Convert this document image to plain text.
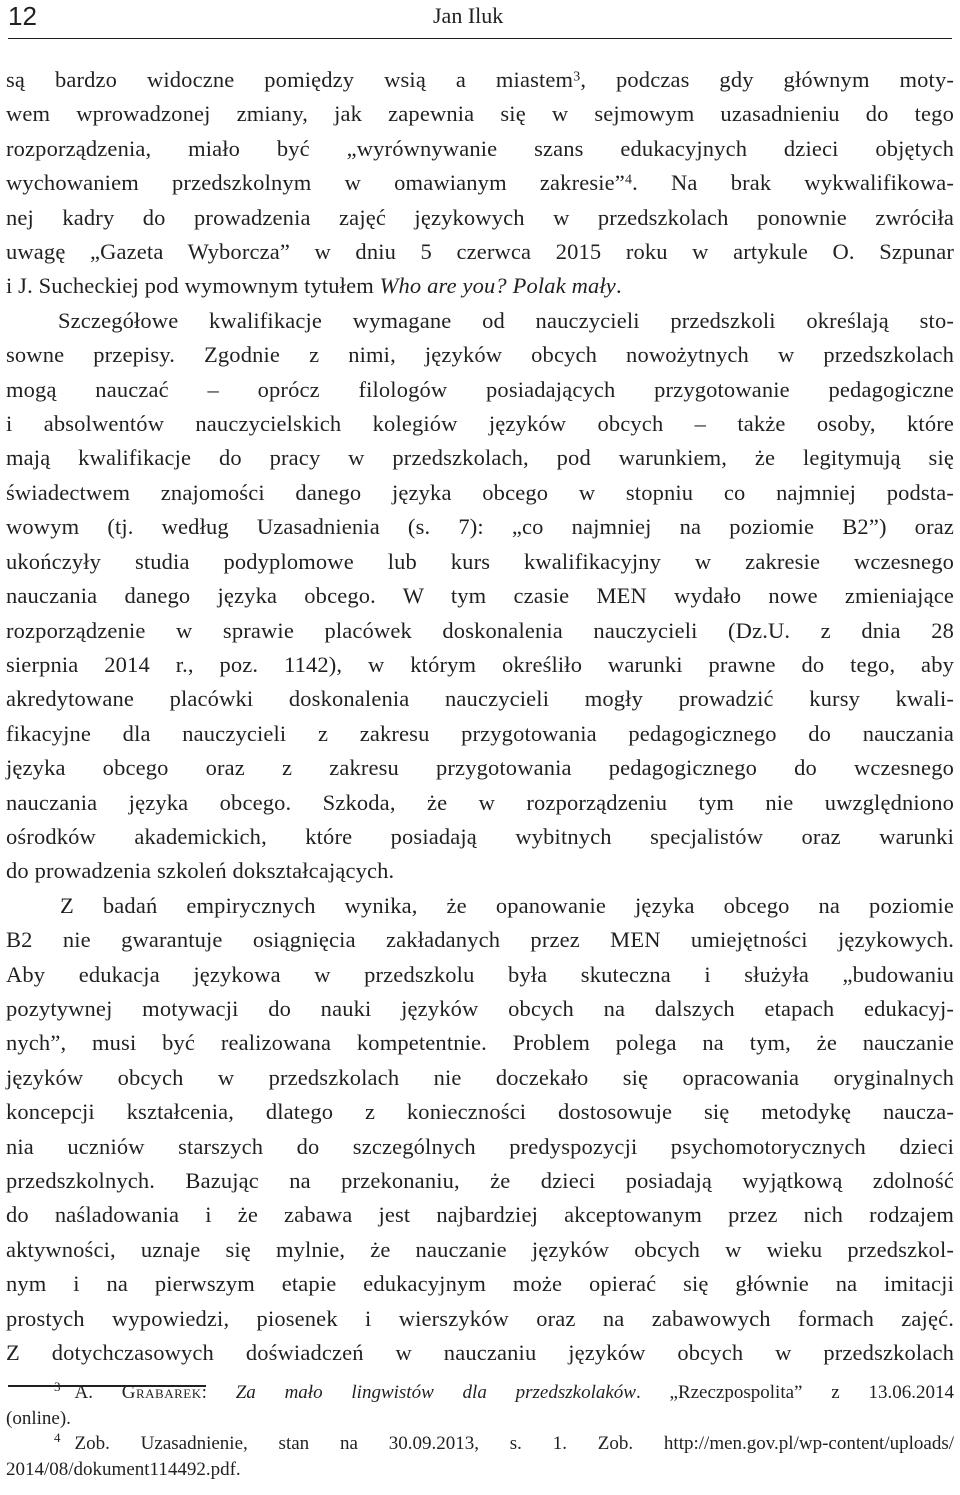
12	Jan Iluk
są bardzo widoczne pomiędzy wsią a miastem$^3$, podczas gdy głównym moty-
wem wprowadzonej zmiany, jak zapewnia się w sejmowym uzasadnieniu do tego
rozporządzenia, miało być „wyrównywanie szans edukacyjnych dzieci objętych
wychowaniem przedszkolnym w omawianym zakresie”$^4$. Na brak wykwalifikowa-
nej kadry do prowadzenia zajęć językowych w przedszkolach ponownie zwróciła
uwagę „Gazeta Wyborcza” w dniu 5 czerwca 2015 roku w artykule O. Szpunar
i J. Sucheckiej pod wymownym tytułem Who are you? Polak mały.
Szczegółowe kwalifikacje wymagane od nauczycieli przedszkoli określają sto-
sowne przepisy. Zgodnie z nimi, języków obcych nowożytnych w przedszkolach
mogą nauczać – oprócz filologów posiadających przygotowanie pedagogiczne
i absolwentów nauczycielskich kolegiów języków obcych – także osoby, które
mają kwalifikacje do pracy w przedszkolach, pod warunkiem, że legitymują się
świadectwem znajomości danego języka obcego w stopniu co najmniej podsta-
wowym (tj. według Uzasadnienia (s. 7): „co najmniej na poziomie B2”) oraz
ukończyły studia podyplomowe lub kurs kwalifikacyjny w zakresie wczesnego
nauczania danego języka obcego. W tym czasie MEN wydało nowe zmieniające
rozporządzenie w sprawie placówek doskonalenia nauczycieli (Dz.U. z dnia 28
sierpnia 2014 r., poz. 1142), w którym określiło warunki prawne do tego, aby
akredytowane placówki doskonalenia nauczycieli mogły prowadzić kursy kwali-
fikacyjne dla nauczycieli z zakresu przygotowania pedagogicznego do nauczania
języka obcego oraz z zakresu przygotowania pedagogicznego do wczesnego
nauczania języka obcego. Szkoda, że w rozporządzeniu tym nie uwzględniono
ośrodków akademickich, które posiadają wybitnych specjalistów oraz warunki
do prowadzenia szkoleń dokształcających.
Z badań empirycznych wynika, że opanowanie języka obcego na poziomie
B2 nie gwarantuje osiągnięcia zakładanych przez MEN umiejętności językowych.
Aby edukacja językowa w przedszkolu była skuteczna i służyła „budowaniu
pozytywnej motywacji do nauki języków obcych na dalszych etapach edukacyj-
nych”, musi być realizowana kompetentnie. Problem polega na tym, że nauczanie
języków obcych w przedszkolach nie doczekało się opracowania oryginalnych
koncepcji kształcenia, dlatego z konieczności dostosowuje się metodykę naucza-
nia uczniów starszych do szczególnych predyspozycji psychomotorycznych dzieci
przedszkolnych. Bazując na przekonaniu, że dzieci posiadają wyjątkową zdolność
do naśladowania i że zabawa jest najbardziej akceptowanym przez nich rodzajem
aktywności, uznaje się mylnie, że nauczanie języków obcych w wieku przedszkol-
nym i na pierwszym etapie edukacyjnym może opierać się głównie na imitacji
prostych wypowiedzi, piosenek i wierszyków oraz na zabawowych formach zajęć.
Z dotychczasowych doświadczeń w nauczaniu języków obcych w przedszkolach
$^3$ A. Grabarek: Za mało lingwistów dla przedszkolaków. „Rzeczpospolita” z 13.06.2014
(online).
$^4$ Zob. Uzasadnienie, stan na 30.09.2013, s. 1. Zob. http://men.gov.pl/wp-content/uploads/
2014/08/dokument114492.pdf.
